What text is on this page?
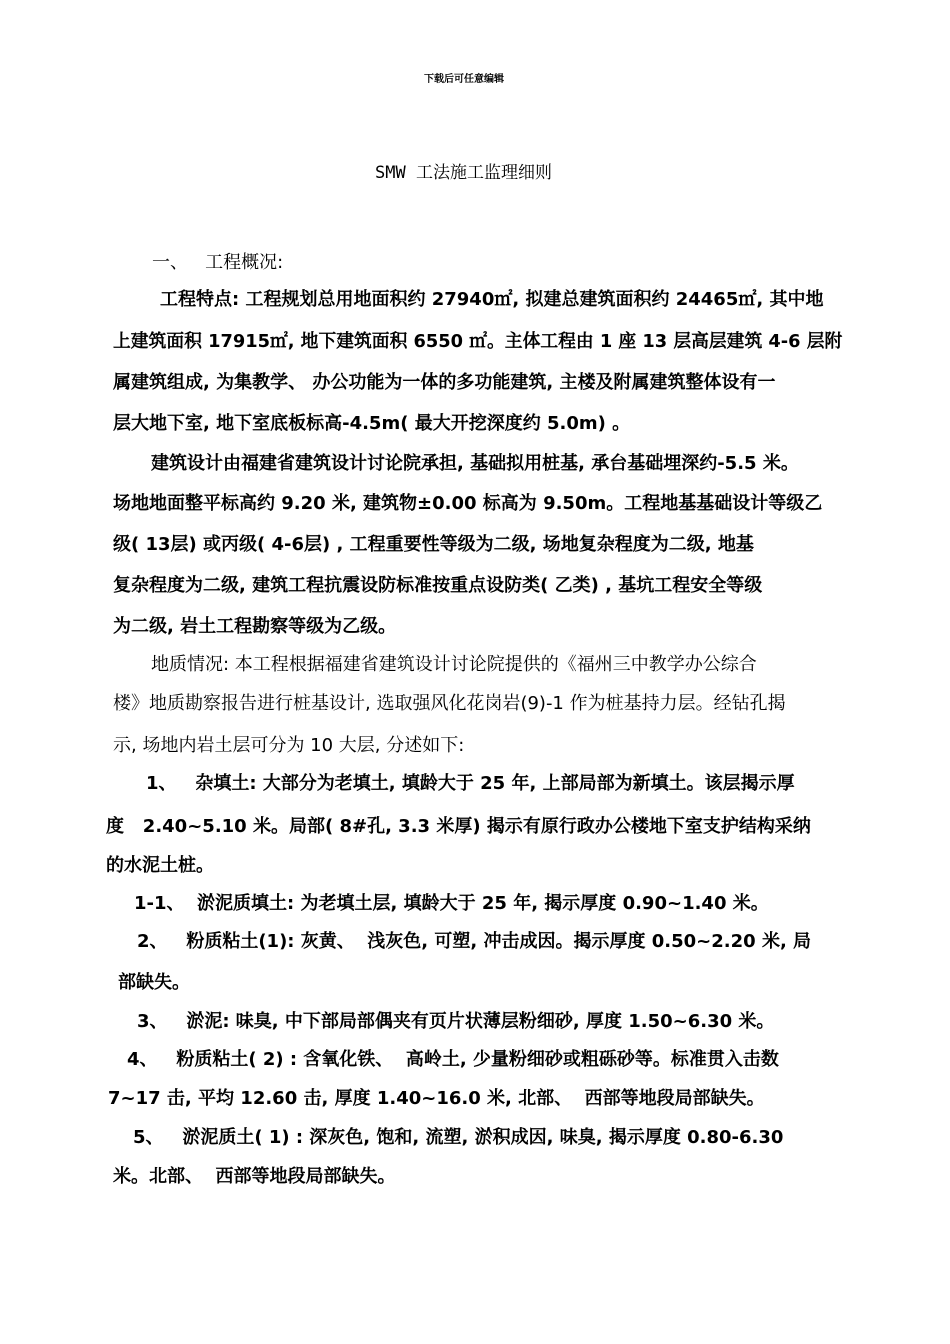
下载后可任意编辑
SMW 工法施工监理细则
一、   工程概况:
工程特点: 工程规划总用地面积约 27940㎡, 拟建总建筑面积约 24465㎡, 其中地
上建筑面积 17915㎡, 地下建筑面积 6550 ㎡。主体工程由 1 座 13 层高层建筑 4-6 层附
属建筑组成, 为集教学、 办公功能为一体的多功能建筑, 主楼及附属建筑整体设有一
层大地下室, 地下室底板标高-4.5m( 最大开挖深度约 5.0m) 。
建筑设计由福建省建筑设计讨论院承担, 基础拟用桩基, 承台基础埋深约-5.5 米。
场地地面整平标高约 9.20 米, 建筑物±0.00 标高为 9.50m。工程地基基础设计等级乙
级( 13层) 或丙级( 4-6层) , 工程重要性等级为二级, 场地复杂程度为二级, 地基
复杂程度为二级, 建筑工程抗震设防标准按重点设防类( 乙类) , 基坑工程安全等级
为二级, 岩土工程勘察等级为乙级。
地质情况: 本工程根据福建省建筑设计讨论院提供的《福州三中教学办公综合
楼》地质勘察报告进行桩基设计, 选取强风化花岗岩(9)-1 作为桩基持力层。经钻孔揭
示, 场地内岩土层可分为 10 大层, 分述如下:
1、   杂填土: 大部分为老填土, 填龄大于 25 年, 上部局部为新填土。该层揭示厚
度   2.40~5.10 米。局部( 8#孔, 3.3 米厚) 揭示有原行政办公楼地下室支护结构采纳
的水泥土桩。
1-1、  淤泥质填土: 为老填土层, 填龄大于 25 年, 揭示厚度 0.90~1.40 米。
2、   粉质粘土(1): 灰黄、  浅灰色, 可塑, 冲击成因。揭示厚度 0.50~2.20 米, 局
部缺失。
3、   淤泥: 味臭, 中下部局部偶夹有页片状薄层粉细砂, 厚度 1.50~6.30 米。
4、   粉质粘土( 2) : 含氧化铁、  高岭土, 少量粉细砂或粗砾砂等。标准贯入击数
7~17 击, 平均 12.60 击, 厚度 1.40~16.0 米, 北部、  西部等地段局部缺失。
5、   淤泥质土( 1) : 深灰色, 饱和, 流塑, 淤积成因, 味臭, 揭示厚度 0.80-6.30
米。北部、  西部等地段局部缺失。
